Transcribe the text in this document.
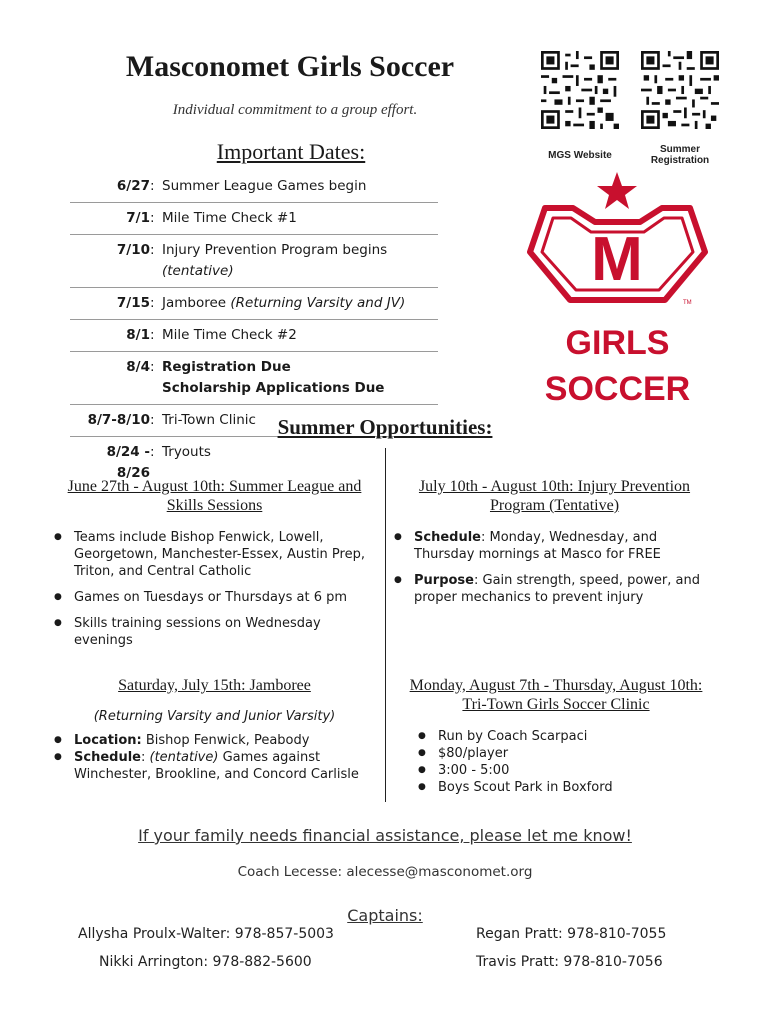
Masconomet Girls Soccer
Individual commitment to a group effort.
MGS Website
Summer
Registration
Important Dates:
6/27 : Summer League Games begin
7/1 : Mile Time Check #1
7/10 : Injury Prevention Program begins (tentative)
7/15 : Jamboree (Returning Varsity and JV)
8/1 : Mile Time Check #2
8/4 : Registration Due
Scholarship Applications Due
8/7-8/10 : Tri-Town Clinic
8/24 - 8/26
: Tryouts
M
TM
GIRLS
SOCCER
Summer Opportunities:
June 27th - August 10th: Summer League and Skills Sessions
● Teams include Bishop Fenwick, Lowell, Georgetown, Manchester-Essex, Austin Prep, Triton, and Central Catholic
● Games on Tuesdays or Thursdays at 6 pm
● Skills training sessions on Wednesday evenings
July 10th - August 10th: Injury Prevention Program (Tentative)
● Schedule: Monday, Wednesday, and Thursday mornings at Masco for FREE
● Purpose: Gain strength, speed, power, and proper mechanics to prevent injury
Saturday, July 15th: Jamboree
(Returning Varsity and Junior Varsity)
● Location: Bishop Fenwick, Peabody
● Schedule: (tentative) Games against Winchester, Brookline, and Concord Carlisle
Monday, August 7th - Thursday, August 10th: Tri-Town Girls Soccer Clinic
● Run by Coach Scarpaci
● $80/player
● 3:00 - 5:00
● Boys Scout Park in Boxford
If your family needs financial assistance, please let me know!
Coach Lecesse: alecesse@masconomet.org
Captains:
Allysha Proulx-Walter: 978-857-5003	Regan Pratt: 978-810-7055
Nikki Arrington: 978-882-5600	Travis Pratt: 978-810-7056
